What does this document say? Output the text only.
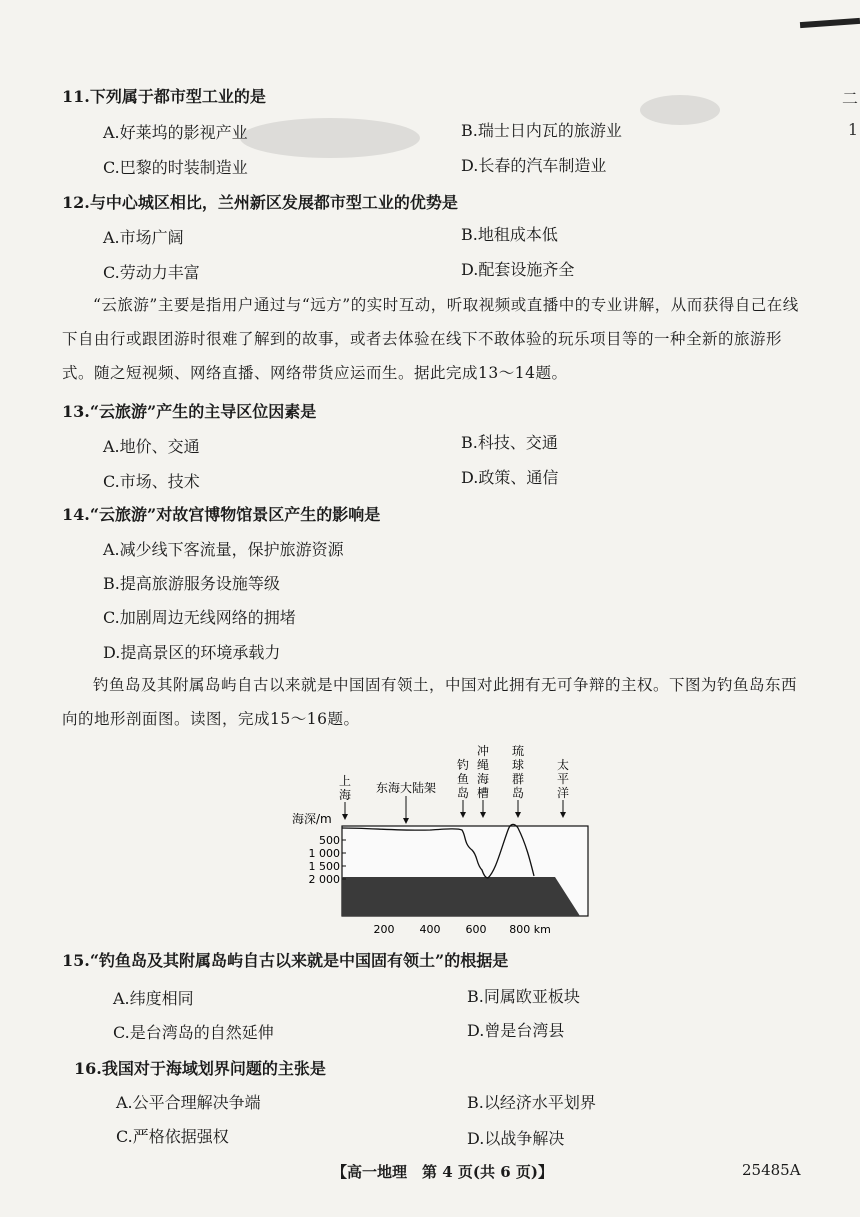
二
1
11.下列属于都市型工业的是
A.好莱坞的影视产业	B.瑞士日内瓦的旅游业
C.巴黎的时装制造业	D.长春的汽车制造业
12.与中心城区相比，兰州新区发展都市型工业的优势是
A.市场广阔	B.地租成本低
C.劳动力丰富	D.配套设施齐全
“云旅游”主要是指用户通过与“远方”的实时互动，听取视频或直播中的专业讲解，从而获得自己在线下自由行或跟团游时很难了解到的故事，或者去体验在线下不敢体验的玩乐项目等的一种全新的旅游形式。随之短视频、网络直播、网络带货应运而生。据此完成13～14题。
13.“云旅游”产生的主导区位因素是
A.地价、交通	B.科技、交通
C.市场、技术	D.政策、通信
14.“云旅游”对故宫博物馆景区产生的影响是
A.减少线下客流量，保护旅游资源
B.提高旅游服务设施等级
C.加剧周边无线网络的拥堵
D.提高景区的环境承载力
钓鱼岛及其附属岛屿自古以来就是中国固有领土，中国对此拥有无可争辩的主权。下图为钓鱼岛东西向的地形剖面图。读图，完成15～16题。
上
海 东海大陆架
钓
鱼
岛
冲
绳
海
槽
琉
球
群
岛
太
平
洋
海深/m
500
1 000
1 500
2 000
200 400 600 800 km
15.“钓鱼岛及其附属岛屿自古以来就是中国固有领土”的根据是
A.纬度相同	B.同属欧亚板块
C.是台湾岛的自然延伸	D.曾是台湾县
16.我国对于海域划界问题的主张是
A.公平合理解决争端	B.以经济水平划界
C.严格依据强权	D.以战争解决
【高一地理　第 4 页(共 6 页)】	25485A
